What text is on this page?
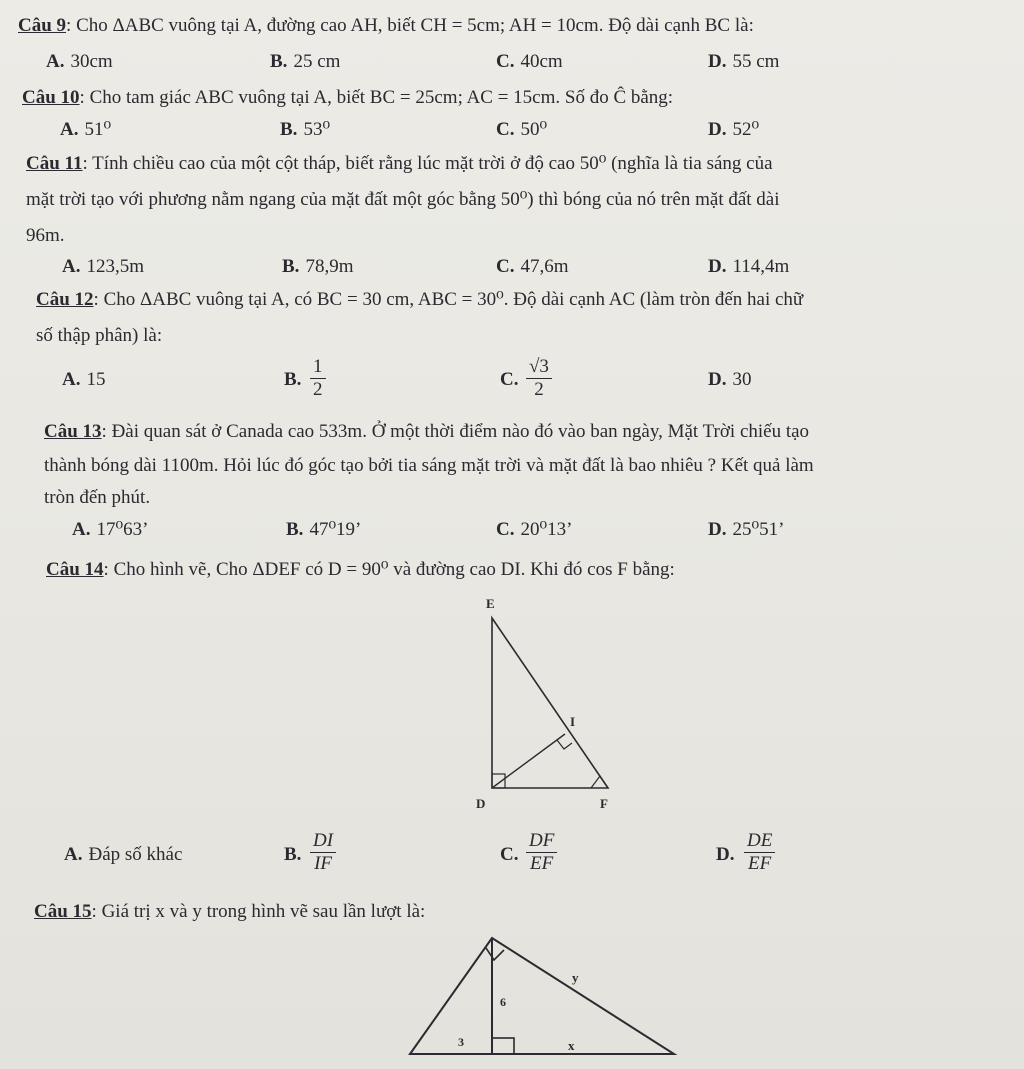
Câu 9: Cho ΔABC vuông tại A, đường cao AH, biết CH = 5cm; AH = 10cm. Độ dài cạnh BC là:
A. 30cm	B. 25 cm	C. 40cm	D. 55 cm
Câu 10: Cho tam giác ABC vuông tại A, biết BC = 25cm; AC = 15cm. Số đo Ĉ bằng:
A. 51⁰	B. 53⁰	C. 50⁰	D. 52⁰
Câu 11: Tính chiều cao của một cột tháp, biết rằng lúc mặt trời ở độ cao 50⁰ (nghĩa là tia sáng của
mặt trời tạo với phương nằm ngang của mặt đất một góc bằng 50⁰) thì bóng của nó trên mặt đất dài
96m.
A. 123,5m	B. 78,9m	C. 47,6m	D. 114,4m
Câu 12: Cho ΔABC vuông tại A, có BC = 30 cm, ABC = 30⁰. Độ dài cạnh AC (làm tròn đến hai chữ
số thập phân) là:
A. 15	B. $\frac{1}{2}$	C. $\frac{√3}{2}$	D. 30
Câu 13: Đài quan sát ở Canada cao 533m. Ở một thời điểm nào đó vào ban ngày, Mặt Trời chiếu tạo
thành bóng dài 1100m. Hỏi lúc đó góc tạo bởi tia sáng mặt trời và mặt đất là bao nhiêu ? Kết quả làm
tròn đến phút.
A. 17⁰63’	B. 47⁰19’	C. 20⁰13’	D. 25⁰51’
Câu 14: Cho hình vẽ, Cho ΔDEF có D = 90⁰ và đường cao DI. Khi đó cos F bằng:
E
I
D	F
A. Đáp số khác	B. $\frac{DI}{IF}$	C. $\frac{DF}{EF}$	D. $\frac{DE}{EF}$
Câu 15: Giá trị x và y trong hình vẽ sau lần lượt là:
y
6
3	x
